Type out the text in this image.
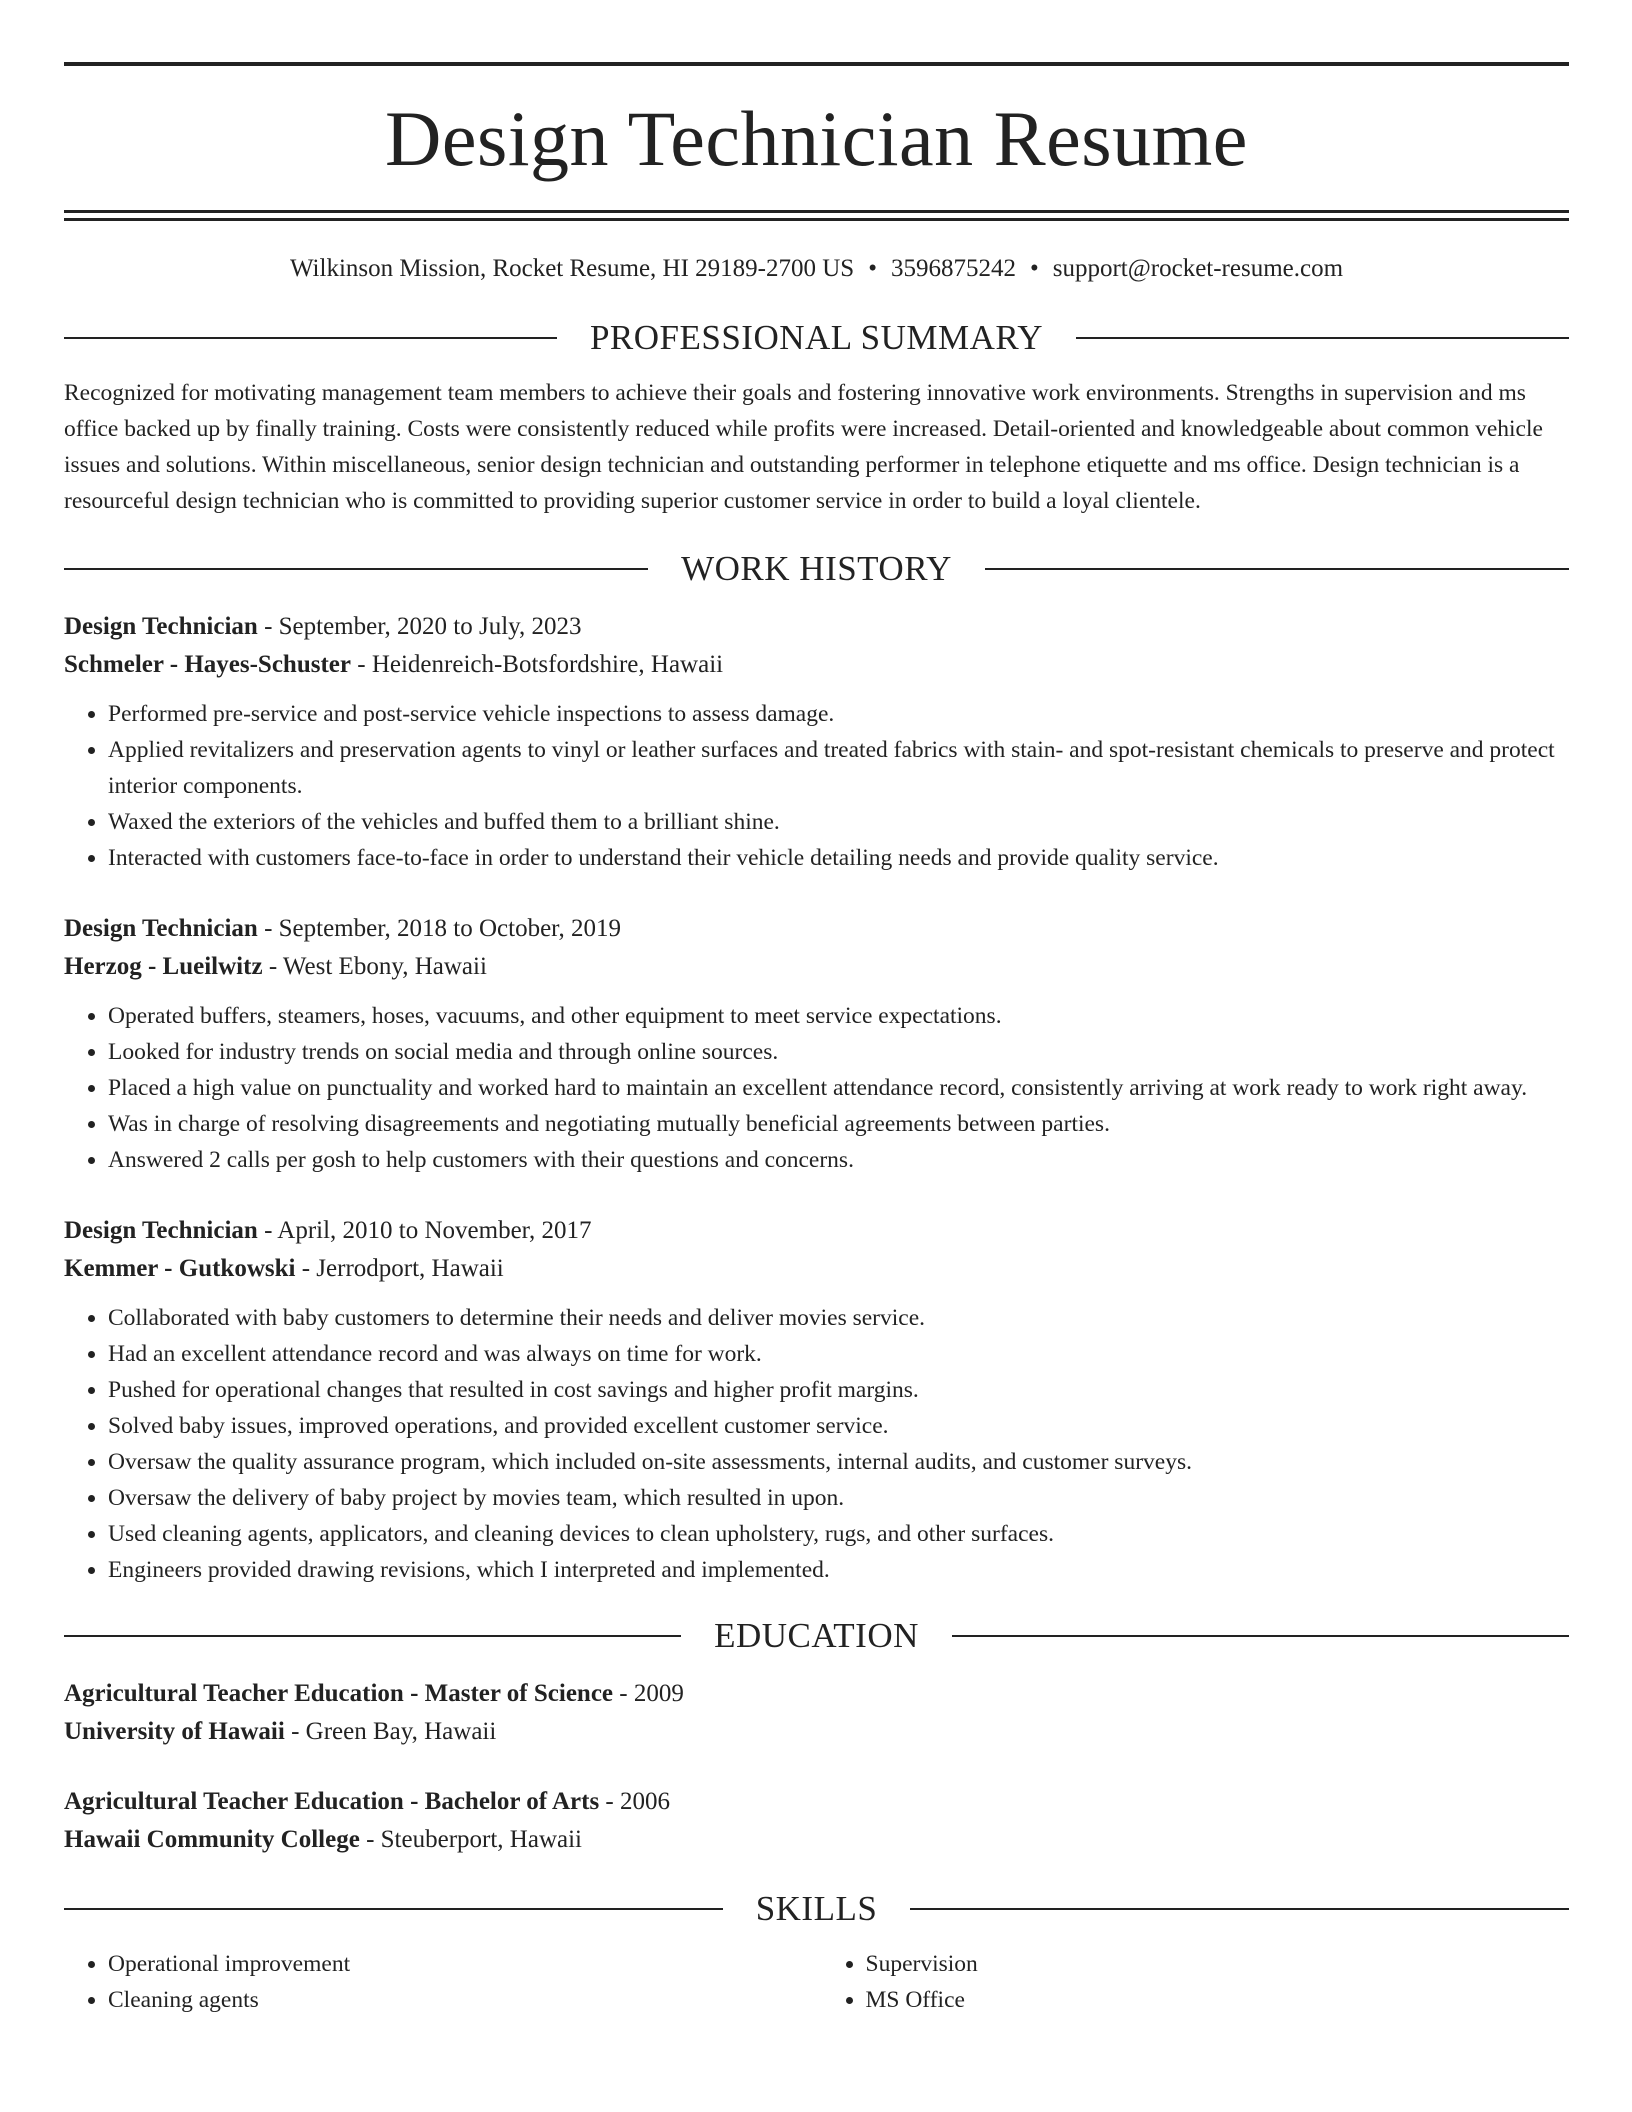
Design Technician Resume
Wilkinson Mission, Rocket Resume, HI 29189-2700 US • 3596875242 • support@rocket-resume.com
PROFESSIONAL SUMMARY

Recognized for motivating management team members to achieve their goals and fostering innovative work environments. Strengths in supervision and ms office backed up by finally training. Costs were consistently reduced while profits were increased. Detail-oriented and knowledgeable about common vehicle issues and solutions. Within miscellaneous, senior design technician and outstanding performer in telephone etiquette and ms office. Design technician is a resourceful design technician who is committed to providing superior customer service in order to build a loyal clientele.

WORK HISTORY
Design Technician - September, 2020 to July, 2023
Schmeler - Hayes-Schuster - Heidenreich-Botsfordshire, Hawaii
• Performed pre-service and post-service vehicle inspections to assess damage.
• Applied revitalizers and preservation agents to vinyl or leather surfaces and treated fabrics with stain- and spot-resistant chemicals to preserve and protect interior components.
• Waxed the exteriors of the vehicles and buffed them to a brilliant shine.
• Interacted with customers face-to-face in order to understand their vehicle detailing needs and provide quality service.
Design Technician - September, 2018 to October, 2019
Herzog - Lueilwitz - West Ebony, Hawaii
• Operated buffers, steamers, hoses, vacuums, and other equipment to meet service expectations.
• Looked for industry trends on social media and through online sources.
• Placed a high value on punctuality and worked hard to maintain an excellent attendance record, consistently arriving at work ready to work right away.
• Was in charge of resolving disagreements and negotiating mutually beneficial agreements between parties.
• Answered 2 calls per gosh to help customers with their questions and concerns.
Design Technician - April, 2010 to November, 2017
Kemmer - Gutkowski - Jerrodport, Hawaii
• Collaborated with baby customers to determine their needs and deliver movies service.
• Had an excellent attendance record and was always on time for work.
• Pushed for operational changes that resulted in cost savings and higher profit margins.
• Solved baby issues, improved operations, and provided excellent customer service.
• Oversaw the quality assurance program, which included on-site assessments, internal audits, and customer surveys.
• Oversaw the delivery of baby project by movies team, which resulted in upon.
• Used cleaning agents, applicators, and cleaning devices to clean upholstery, rugs, and other surfaces.
• Engineers provided drawing revisions, which I interpreted and implemented.
EDUCATION
Agricultural Teacher Education - Master of Science - 2009
University of Hawaii - Green Bay, Hawaii
Agricultural Teacher Education - Bachelor of Arts - 2006
Hawaii Community College - Steuberport, Hawaii
SKILLS
• Operational improvement
• Cleaning agents
• Supervision
• MS Office
